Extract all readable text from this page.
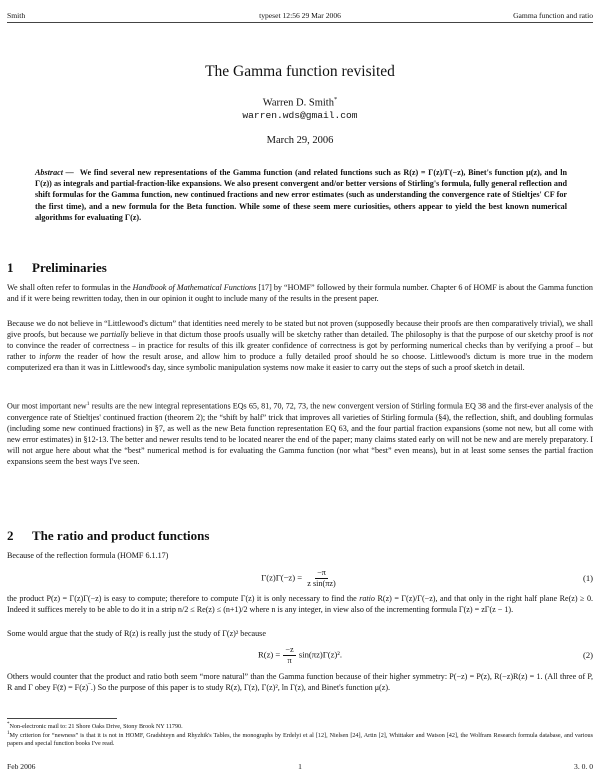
Smith	typeset 12:56 29 Mar 2006	Gamma function and ratio
The Gamma function revisited
Warren D. Smith*
warren.wds@gmail.com
March 29, 2006
Abstract — We find several new representations of the Gamma function (and related functions such as R(z) = Γ(z)/Γ(−z), Binet's function μ(z), and ln Γ(z)) as integrals and partial-fraction-like expansions. We also present convergent and/or better versions of Stirling's formula, fully general reflection and shift formulas for the Gamma function, new continued fractions and new error estimates (such as understanding the convergence rate of Stieltjes' CF for the first time), and a new formula for the Beta function. While some of these seem mere curiosities, others appear to yield the best known numerical algorithms for evaluating Γ(z).
1 Preliminaries
We shall often refer to formulas in the Handbook of Mathematical Functions [17] by “HOMF” followed by their formula number. Chapter 6 of HOMF is about the Gamma function and if it were being rewritten today, then in our opinion it ought to include many of the results in the present paper.
Because we do not believe in “Littlewood's dictum” that identities need merely to be stated but not proven (supposedly because their proofs are then comparatively trivial), we shall give proofs, but because we partially believe in that dictum those proofs usually will be sketchy rather than detailed. The philosophy is that the purpose of our sketchy proof is not to convince the reader of correctness – in practice for results of this ilk greater confidence of correctness is got by performing numerical checks than by verifying a proof – but rather to inform the reader of how the result arose, and allow him to produce a fully detailed proof should he so choose. Littlewood's dictum is more true in the modern computerized era than it was in Littlewood's day, since symbolic manipulation systems now make it easier to carry out the steps of such a proof sketch in detail.
Our most important new$^1$ results are the new integral representations EQs 65, 81, 70, 72, 73, the new convergent version of Stirling formula EQ 38 and the first-ever analysis of the convergence rate of Stieltjes' continued fraction (theorem 2); the “shift by half” trick that improves all varieties of Stirling formula (§4), the reflection, shift, and doubling formulas (including some new continued fractions) in §7, as well as the new Beta function representation EQ 63, and the four partial fraction expansions (some not new, but all come with new error estimates) in §12-13. The better and newer results tend to be located nearer the end of the paper; many claims stated early on will not be new and are merely preparatory. I will not argue here about what the “best” numerical method is for evaluating the Gamma function (nor what “best” even means), but in at least some senses the partial fraction expansions seem the best ways I've seen.
2 The ratio and product functions
Because of the reflection formula (HOMF 6.1.17)
$\Gamma(z)\Gamma(-z) = \frac{-\pi}{\text{z sin(πz)}}$	(1)
the product P(z) = Γ(z)Γ(−z) is easy to compute; therefore to compute Γ(z) it is only necessary to find the ratio R(z) = Γ(z)/Γ(−z), and that only in the right half plane Re(z) ≥ 0. Indeed it suffices merely to be able to do it in a strip n/2 ≤ Re(z) ≤ (n+1)/2 where n is any integer, in view also of the incrementing formula Γ(z) = zΓ(z − 1).
Some would argue that the study of R(z) is really just the study of Γ(z)² because
$R(z) = \frac{-z}{\pi} \sin(\pi z)\Gamma(z)^2$.	(2)
Others would counter that the product and ratio both seem “more natural” than the Gamma function because of their higher symmetry: P(−z) = P(z), R(−z)R(z) = 1. (All three of P, R and Γ obey F(z̄) = F(z)‾.) So the purpose of this paper is to study R(z), Γ(z), Γ(z)², ln Γ(z), and Binet's function μ(z).
*Non-electronic mail to: 21 Shore Oaks Drive, Stony Brook NY 11790.
$^1$My criterion for “newness” is that it is not in HOMF, Gradshteyn and Rhyzhik's Tables, the monographs by Erdelyi et al [12], Nielsen [24], Artin [2], Whittaker and Watson [42], the Wolfram Research formula database, and various papers and special function books I've read.
Feb 2006	1	3. 0. 0
